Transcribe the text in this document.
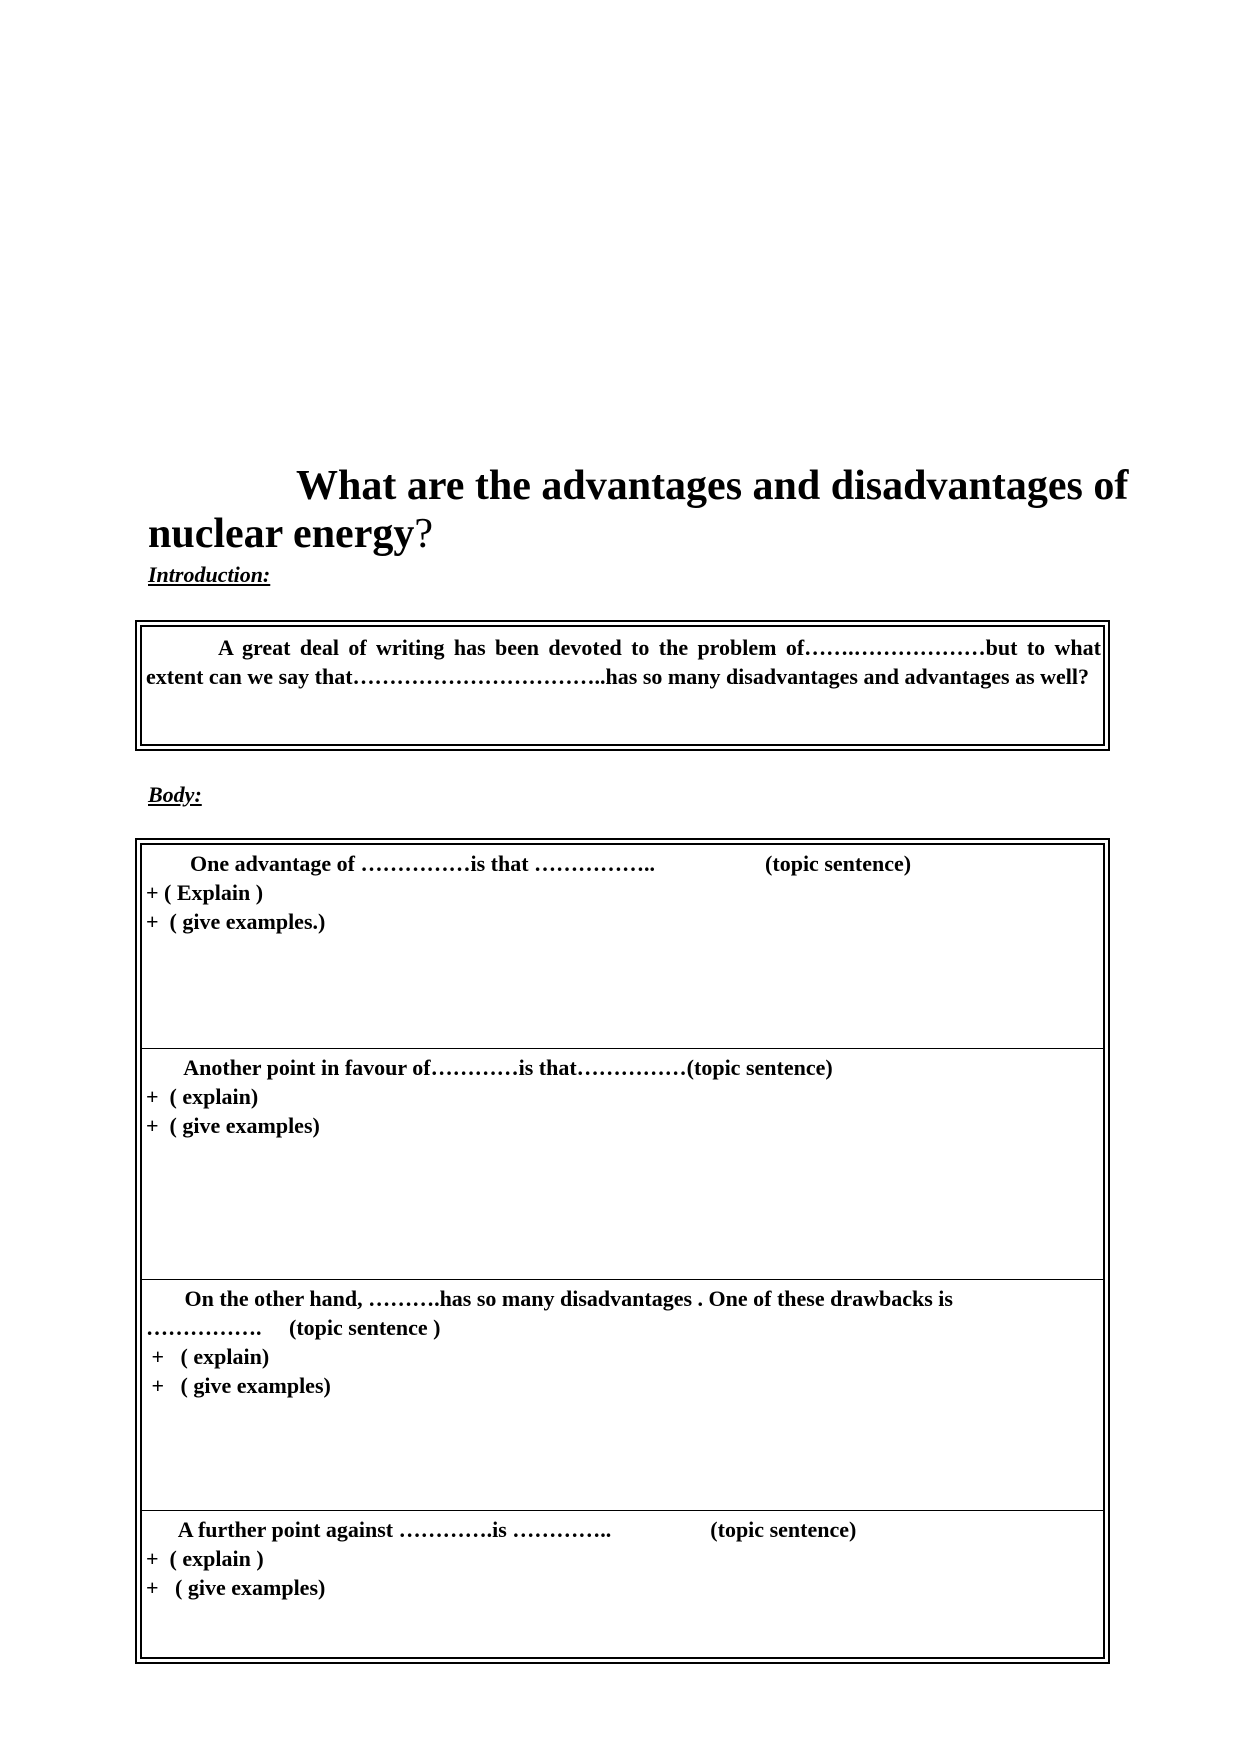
What are the advantages and disadvantages of nuclear energy?
Introduction:
A great deal of writing has been devoted to the problem of…….………………but to what extent can we say that……………………………..has so many disadvantages and advantages as well?
Body:
One advantage of ……………is that ……………..                    (topic sentence)
+ ( Explain )
+  ( give examples.)
Another point in favour of…………is that……………(topic sentence)
+  ( explain)
+  ( give examples)
On the other hand, ……….has so many disadvantages . One of these drawbacks is
…………….     (topic sentence )
+   ( explain)
+   ( give examples)
A further point against ………….is …………..                  (topic sentence)
+  ( explain )
+   ( give examples)
